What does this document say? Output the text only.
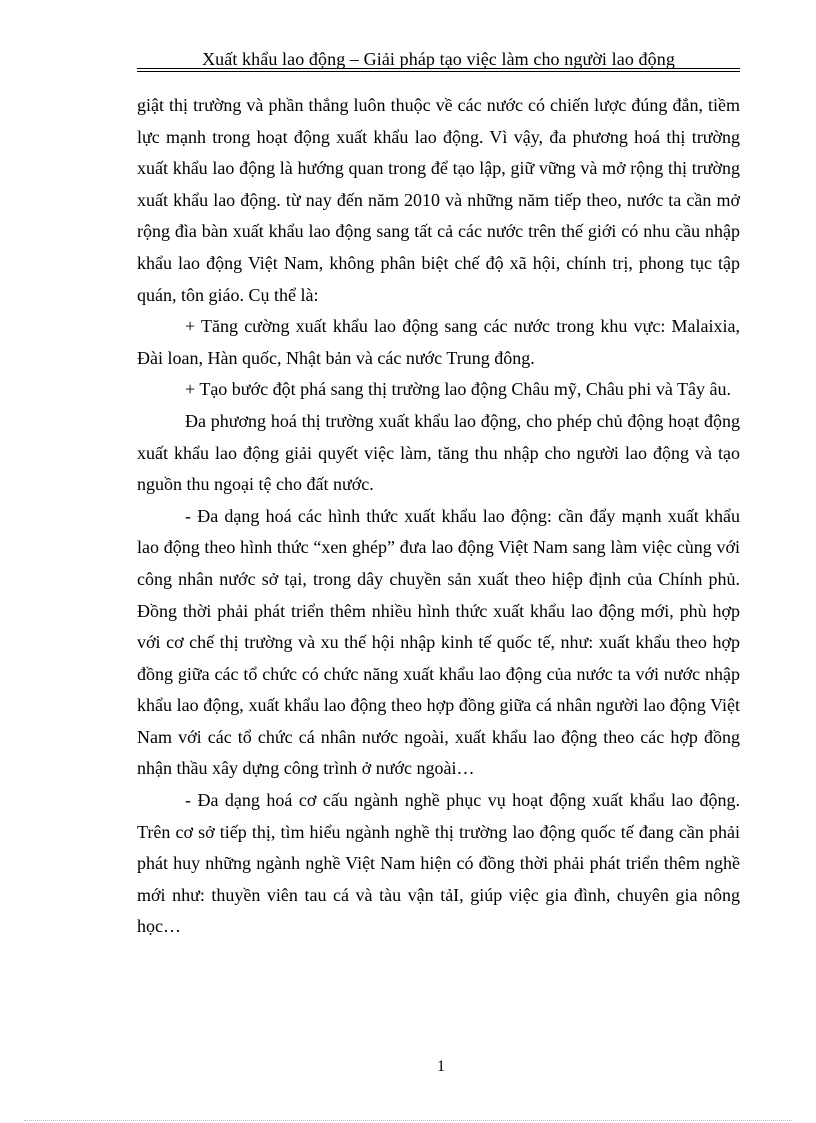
Xuất khẩu lao động – Giải pháp tạo việc làm cho người lao động

giật thị trường và phần thắng luôn thuộc về các nước có chiến lược đúng đắn, tiềm lực mạnh trong hoạt động xuất khẩu lao động. Vì vậy, đa phương hoá thị trường xuất khẩu lao động là hướng quan trong để tạo lập, giữ vững và mở rộng thị trường xuất khẩu lao động. từ nay đến năm 2010 và những năm tiếp theo, nước ta cần mở rộng đìa bàn xuất khẩu lao động sang tất cả các nước trên thế giới có nhu cầu nhập khẩu lao động Việt Nam, không phân biệt chế độ xã hội, chính trị, phong tục tập quán, tôn giáo. Cụ thể là:

+ Tăng cường xuất khẩu lao động sang các nước trong khu vực: Malaixia, Đài loan, Hàn quốc, Nhật bản và các nước Trung đông.

+ Tạo bước đột phá sang thị trường lao động Châu mỹ, Châu phi và Tây âu.

Đa phương hoá thị trường xuất khẩu lao động, cho phép chủ động hoạt động xuất khẩu lao động giải quyết việc làm, tăng thu nhập cho người lao động và tạo nguồn thu ngoại tệ cho đất nước.

- Đa dạng hoá các hình thức xuất khẩu lao động: cần đẩy mạnh xuất khẩu lao động theo hình thức “xen ghép” đưa lao động Việt Nam sang làm việc cùng với công nhân nước sở tại, trong dây chuyền sản xuất theo hiệp định của Chính phủ. Đồng thời phải phát triển thêm nhiều hình thức xuất khẩu lao động mới, phù hợp với cơ chế thị trường và xu thế hội nhập kinh tế quốc tế, như: xuất khẩu theo hợp đồng giữa các tổ chức có chức năng xuất khẩu lao động của nước ta với nước nhập khẩu lao động, xuất khẩu lao động theo hợp đồng giữa cá nhân người lao động Việt Nam với các tổ chức cá nhân nước ngoài, xuất khẩu lao động theo các hợp đồng nhận thầu xây dựng công trình ở nước ngoài…

- Đa dạng hoá cơ cấu ngành nghề phục vụ hoạt động xuất khẩu lao động. Trên cơ sở tiếp thị, tìm hiểu ngành nghề thị trường lao động quốc tế đang cần phải phát huy những ngành nghề Việt Nam hiện có đồng thời phải phát triển thêm nghề mới như: thuyền viên tau cá và tàu vận tảI, giúp việc gia đình, chuyên gia nông học…

1
